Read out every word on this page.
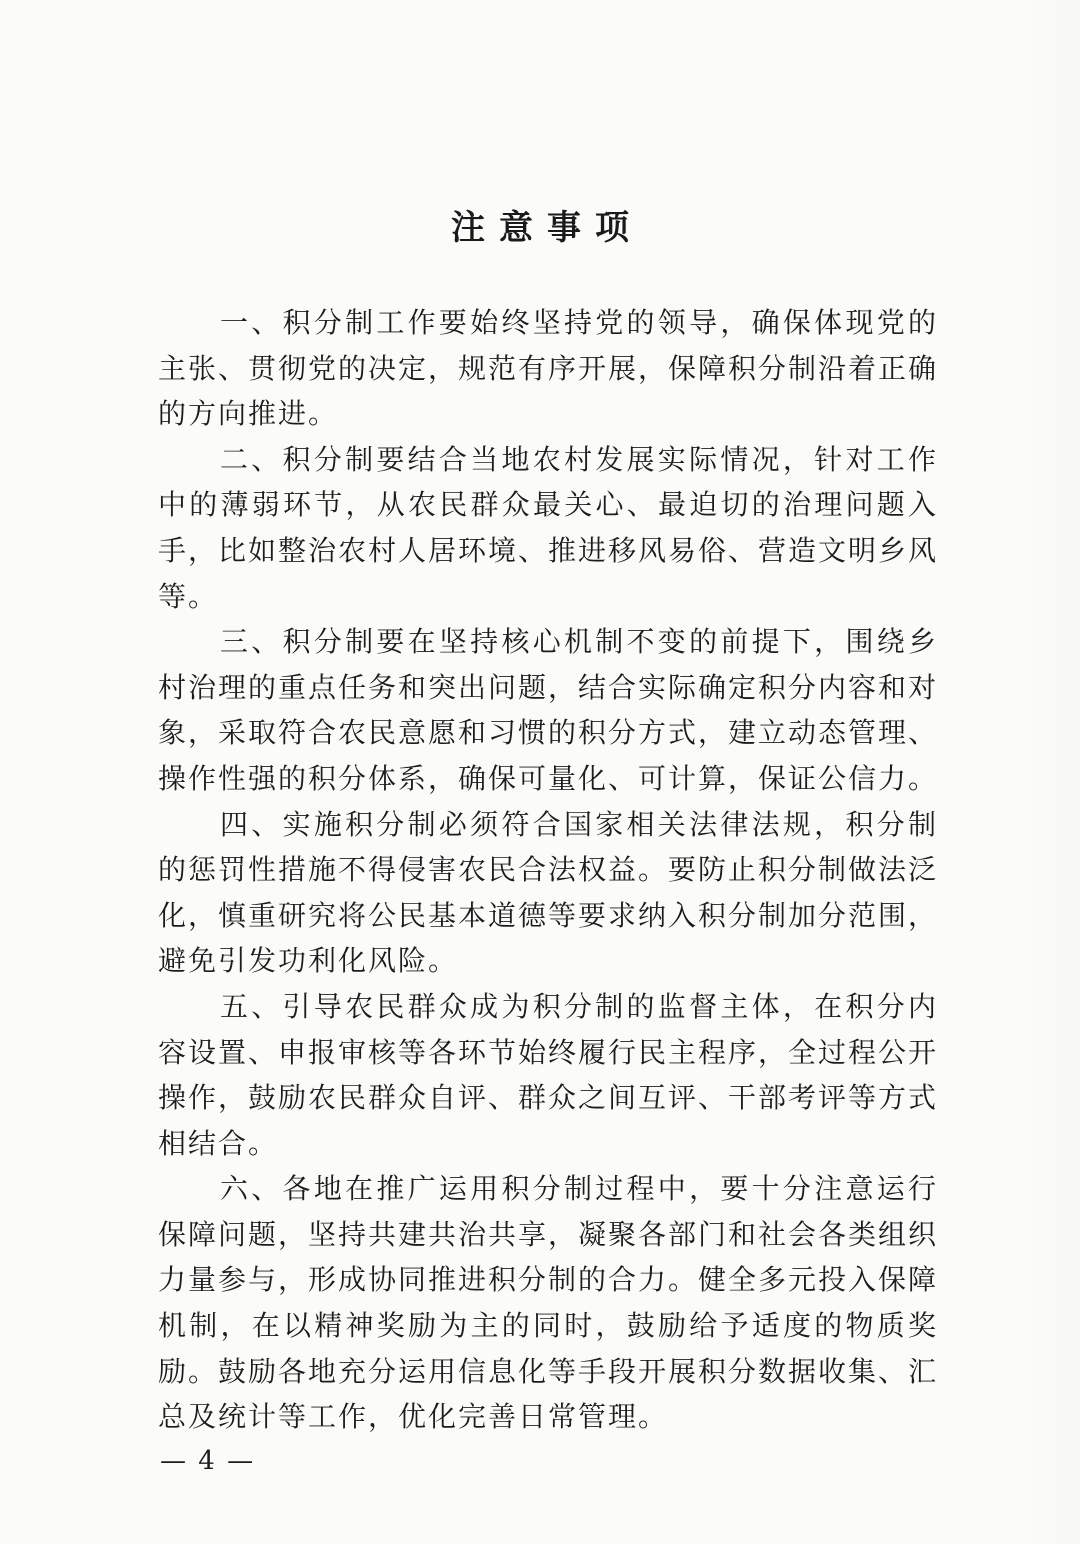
注意事项

一、积分制工作要始终坚持党的领导，确保体现党的主张、贯彻党的决定，规范有序开展，保障积分制沿着正确的方向推进。

二、积分制要结合当地农村发展实际情况，针对工作中的薄弱环节，从农民群众最关心、最迫切的治理问题入手，比如整治农村人居环境、推进移风易俗、营造文明乡风等。

三、积分制要在坚持核心机制不变的前提下，围绕乡村治理的重点任务和突出问题，结合实际确定积分内容和对象，采取符合农民意愿和习惯的积分方式，建立动态管理、操作性强的积分体系，确保可量化、可计算，保证公信力。

四、实施积分制必须符合国家相关法律法规，积分制的惩罚性措施不得侵害农民合法权益。要防止积分制做法泛化，慎重研究将公民基本道德等要求纳入积分制加分范围，避免引发功利化风险。

五、引导农民群众成为积分制的监督主体，在积分内容设置、申报审核等各环节始终履行民主程序，全过程公开操作，鼓励农民群众自评、群众之间互评、干部考评等方式相结合。

六、各地在推广运用积分制过程中，要十分注意运行保障问题，坚持共建共治共享，凝聚各部门和社会各类组织力量参与，形成协同推进积分制的合力。健全多元投入保障机制，在以精神奖励为主的同时，鼓励给予适度的物质奖励。鼓励各地充分运用信息化等手段开展积分数据收集、汇总及统计等工作，优化完善日常管理。

— 4 —
